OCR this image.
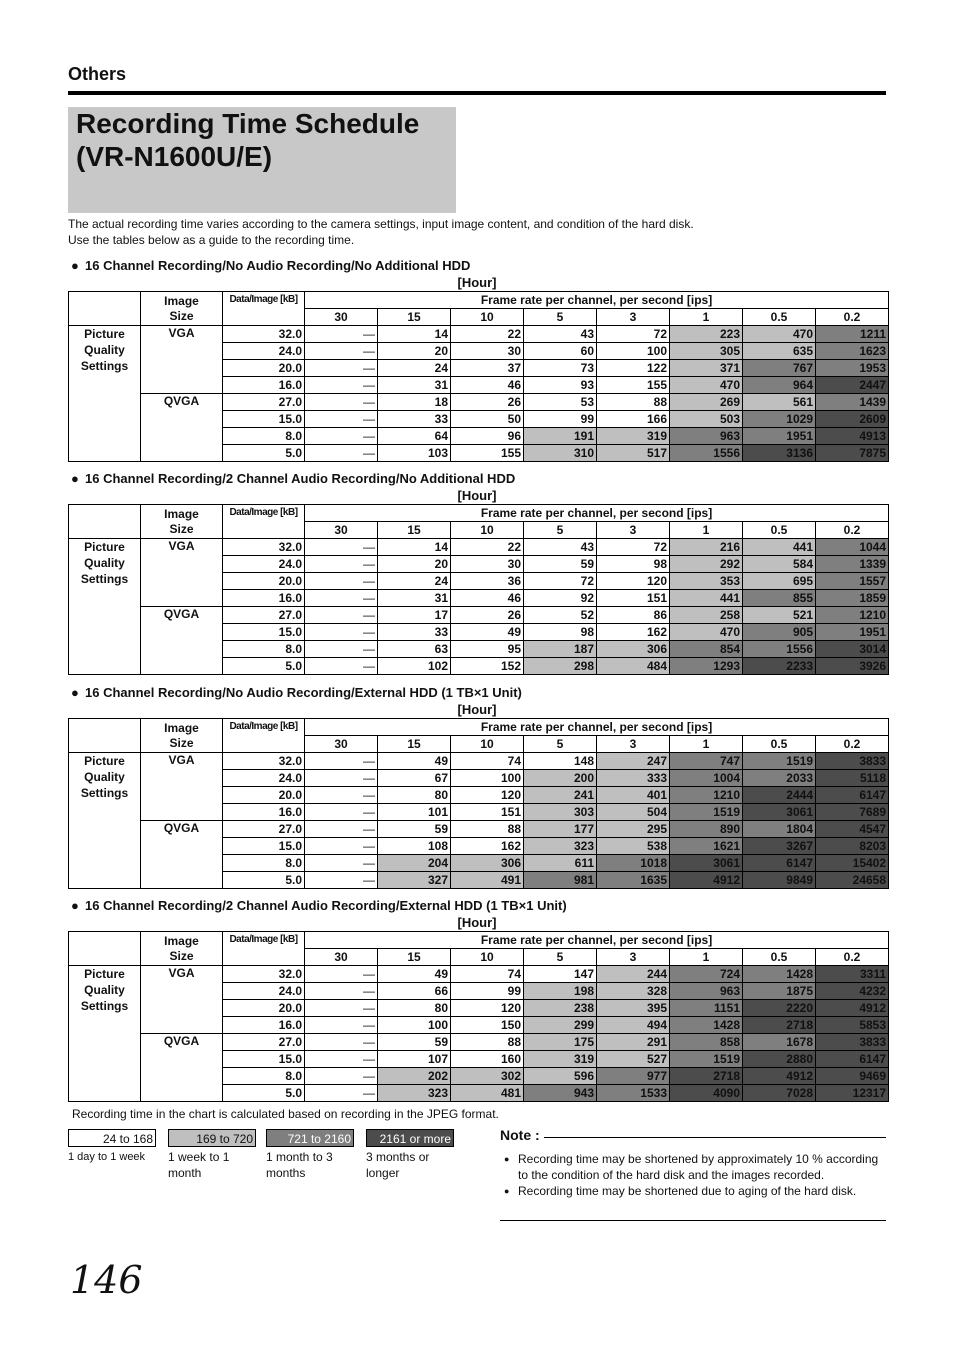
Others
Recording Time Schedule
(VR-N1600U/E)
The actual recording time varies according to the camera settings, input image content, and condition of the hard disk.
Use the tables below as a guide to the recording time.
● 16 Channel Recording/No Audio Recording/No Additional HDD
[Hour]

	Image
Size	Data/Image [kB]	Frame rate per channel, per second [ips]							
			30	15	10	5	3	1	0.5	0.2

Picture
Quality
Settings	VGA	32.0	—	14	22	43	72	223	470	1211
		24.0	—	20	30	60	100	305	635	1623
		20.0	—	24	37	73	122	371	767	1953
		16.0	—	31	46	93	155	470	964	2447
	QVGA	27.0	—	18	26	53	88	269	561	1439
		15.0	—	33	50	99	166	503	1029	2609
		8.0	—	64	96	191	319	963	1951	4913
		5.0	—	103	155	310	517	1556	3136	7875
● 16 Channel Recording/2 Channel Audio Recording/No Additional HDD
[Hour]

	Image
Size	Data/Image [kB]	Frame rate per channel, per second [ips]							
			30	15	10	5	3	1	0.5	0.2

Picture
Quality
Settings	VGA	32.0	—	14	22	43	72	216	441	1044
		24.0	—	20	30	59	98	292	584	1339
		20.0	—	24	36	72	120	353	695	1557
		16.0	—	31	46	92	151	441	855	1859
	QVGA	27.0	—	17	26	52	86	258	521	1210
		15.0	—	33	49	98	162	470	905	1951
		8.0	—	63	95	187	306	854	1556	3014
		5.0	—	102	152	298	484	1293	2233	3926
● 16 Channel Recording/No Audio Recording/External HDD (1 TB×1 Unit)
[Hour]

	Image
Size	Data/Image [kB]	Frame rate per channel, per second [ips]							
			30	15	10	5	3	1	0.5	0.2

Picture
Quality
Settings	VGA	32.0	—	49	74	148	247	747	1519	3833
		24.0	—	67	100	200	333	1004	2033	5118
		20.0	—	80	120	241	401	1210	2444	6147
		16.0	—	101	151	303	504	1519	3061	7689
	QVGA	27.0	—	59	88	177	295	890	1804	4547
		15.0	—	108	162	323	538	1621	3267	8203
		8.0	—	204	306	611	1018	3061	6147	15402
		5.0	—	327	491	981	1635	4912	9849	24658
● 16 Channel Recording/2 Channel Audio Recording/External HDD (1 TB×1 Unit)
[Hour]

	Image
Size	Data/Image [kB]	Frame rate per channel, per second [ips]							
			30	15	10	5	3	1	0.5	0.2

Picture
Quality
Settings	VGA	32.0	—	49	74	147	244	724	1428	3311
		24.0	—	66	99	198	328	963	1875	4232
		20.0	—	80	120	238	395	1151	2220	4912
		16.0	—	100	150	299	494	1428	2718	5853
	QVGA	27.0	—	59	88	175	291	858	1678	3833
		15.0	—	107	160	319	527	1519	2880	6147
		8.0	—	202	302	596	977	2718	4912	9469
		5.0	—	323	481	943	1533	4090	7028	12317
Recording time in the chart is calculated based on recording in the JPEG format.
24 to 168
1 day to 1 week
169 to 720
1 week to 1 month
721 to 2160
1 month to 3 months
2161 or more
3 months or longer
Note :
● Recording time may be shortened by approximately 10 % according to the condition of the hard disk and the images recorded.
● Recording time may be shortened due to aging of the hard disk.
146
